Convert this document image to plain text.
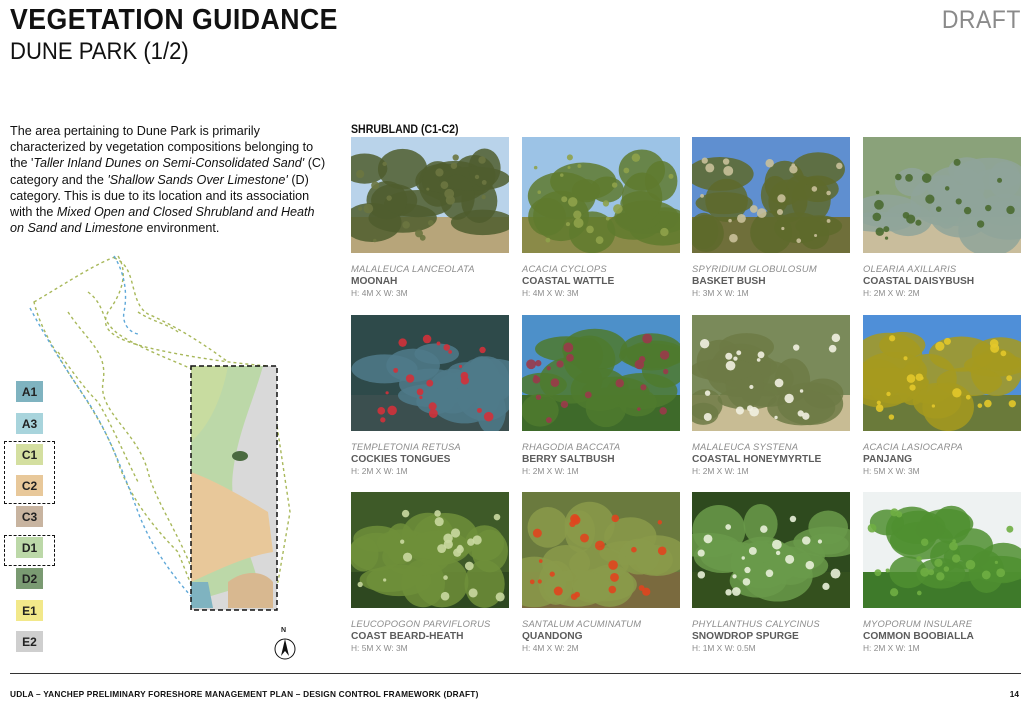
VEGETATION GUIDANCE
DUNE PARK (1/2)
DRAFT
The area pertaining to Dune Park is primarily characterized by vegetation compositions belonging to the 'Taller Inland Dunes on Semi-Consolidated Sand' (C) category and the 'Shallow Sands Over Limestone' (D) category. This is due to its location and its association with the Mixed Open and Closed Shrubland and Heath on Sand and Limestone environment.
SHRUBLAND (C1-C2)
MALALEUCA LANCEOLATA
MOONAH
H: 4M X W: 3M
ACACIA CYCLOPS
COASTAL WATTLE
H: 4M X W: 3M
SPYRIDIUM GLOBULOSUM
BASKET BUSH
H: 3M X W: 1M
OLEARIA AXILLARIS
COASTAL DAISYBUSH
H: 2M X W: 2M
TEMPLETONIA RETUSA
COCKIES TONGUES
H: 2M X W: 1M
RHAGODIA BACCATA
BERRY SALTBUSH
H: 2M X W: 1M
MALALEUCA SYSTENA
COASTAL HONEYMYRTLE
H: 2M X W: 1M
ACACIA LASIOCARPA
PANJANG
H: 5M X W: 3M
LEUCOPOGON PARVIFLORUS
COAST BEARD-HEATH
H: 5M X W: 3M
SANTALUM ACUMINATUM
QUANDONG
H: 4M X W: 2M
PHYLLANTHUS CALYCINUS
SNOWDROP SPURGE
H: 1M X W: 0.5M
MYOPORUM INSULARE
COMMON BOOBIALLA
H: 2M X W: 1M
A1
A3
C1
C2
C3
D1
D2
E1
E2
N
UDLA – YANCHEP PRELIMINARY FORESHORE MANAGEMENT PLAN – DESIGN CONTROL FRAMEWORK (DRAFT)	14
